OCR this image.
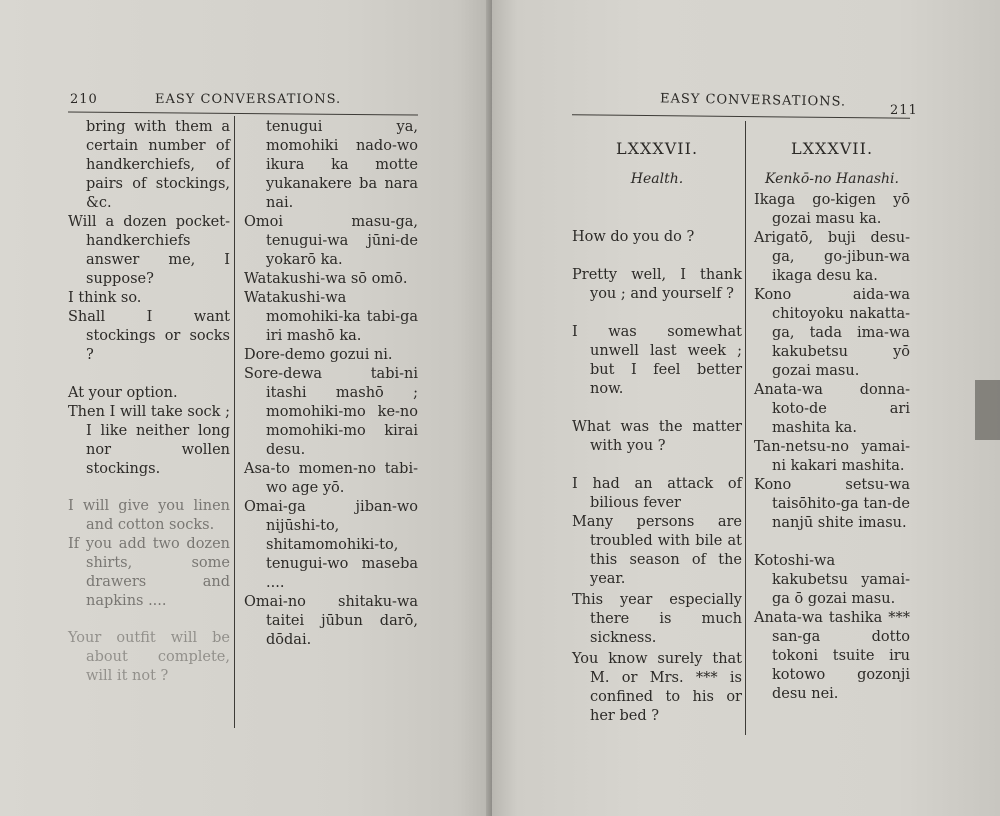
210	EASY CONVERSATIONS.

bring with them a certain number of handkerchiefs, of pairs of stockings, &c.

Will a dozen pocket-handkerchiefs answer me, I suppose?

I think so.

Shall I want stockings or socks ?

At your option.

Then I will take sock ; I like neither long nor wollen stockings.

I will give you linen and cotton socks.

If you add two dozen shirts, some drawers and napkins ....

Your outfit will be about complete, will it not ?

tenugui ya, momohiki nado-wo ikura ka motte yukanakere ba nara nai.

Omoi masu-ga, tenugui-wa jūni-de yokarō ka.

Watakushi-wa sō omō.

Watakushi-wa momohiki-ka tabi-ga iri mashō ka.

Dore-demo gozui ni.

Sore-dewa tabi-ni itashi mashō ; momohiki-mo ke-no momohiki-mo kirai desu.

Asa-to momen-no tabi-wo age yō.

Omai-ga jiban-wo nijūshi-to, shitamomohiki-to, tenugui-wo maseba ....

Omai-no shitaku-wa taitei jūbun darō, dōdai.

EASY CONVERSATIONS.
211

LXXXVII.

Health.

How do you do ?

Pretty well, I thank you ; and yourself ?

I was somewhat unwell last week ; but I feel better now.

What was the matter with you ?

I had an attack of bilious fever

Many persons are troubled with bile at this season of the year.

This year especially there is much sickness.

You know surely that M. or Mrs. *** is confined to his or her bed ?

LXXXVII.

Kenkō-no Hanashi.

Ikaga go-kigen yō gozai masu ka.

Arigatō, buji desu-ga, go-jibun-wa ikaga desu ka.

Kono aida-wa chitoyoku nakatta-ga, tada ima-wa kakubetsu yō gozai masu.

Anata-wa donna-koto-de ari mashita ka.

Tan-netsu-no yamai-ni kakari mashita.

Kono setsu-wa taisōhito-ga tan-de nanjū shite imasu.

Kotoshi-wa kakubetsu yamai-ga ō gozai masu.

Anata-wa tashika *** san-ga dotto tokoni tsuite iru kotowo gozonji desu nei.
